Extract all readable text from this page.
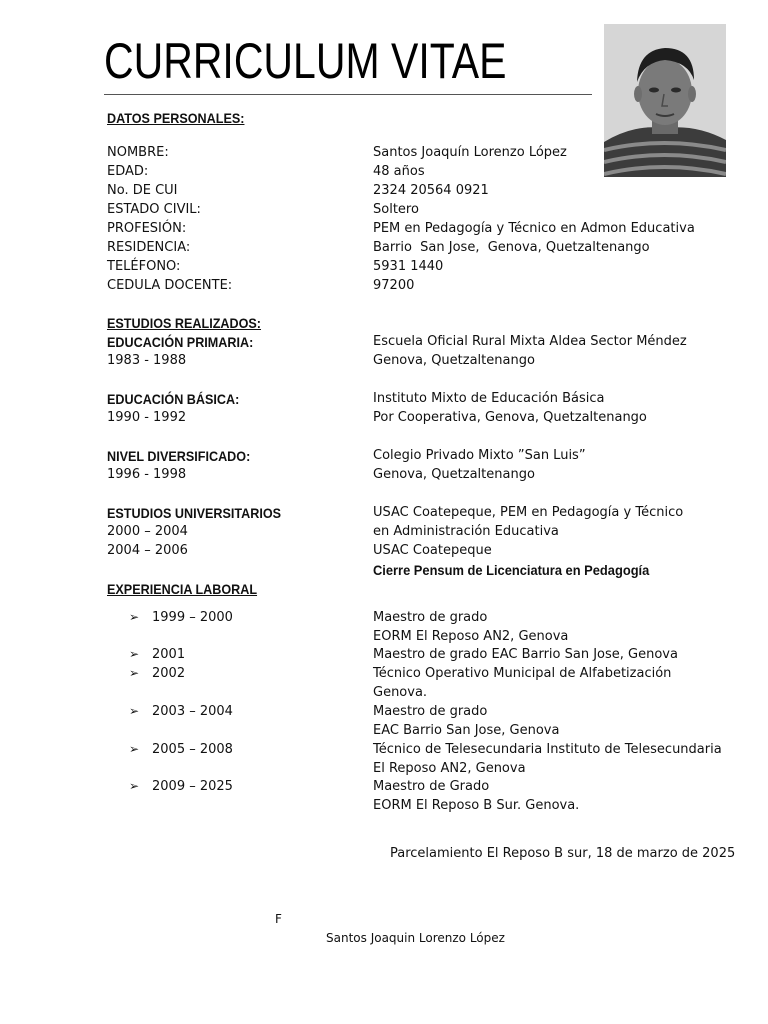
CURRICULUM VITAE
DATOS PERSONALES:
NOMBRE:	Santos Joaquín Lorenzo López
EDAD:	48 años
No. DE CUI	2324 20564 0921
ESTADO CIVIL:	Soltero
PROFESIÓN:	PEM en Pedagogía y Técnico en Admon Educativa
RESIDENCIA:	Barrio  San Jose,  Genova, Quetzaltenango
TELÉFONO:	5931 1440
CEDULA DOCENTE:	97200
ESTUDIOS REALIZADOS:
EDUCACIÓN PRIMARIA:	Escuela Oficial Rural Mixta Aldea Sector Méndez
1983 - 1988	Genova, Quetzaltenango
EDUCACIÓN BÁSICA:	Instituto Mixto de Educación Básica
1990 - 1992	Por Cooperativa, Genova, Quetzaltenango
NIVEL DIVERSIFICADO:	Colegio Privado Mixto ”San Luis”
1996 - 1998	Genova, Quetzaltenango
ESTUDIOS UNIVERSITARIOS	USAC Coatepeque, PEM en Pedagogía y Técnico
2000 – 2004	en Administración Educativa
2004 – 2006	USAC Coatepeque
Cierre Pensum de Licenciatura en Pedagogía
EXPERIENCIA LABORAL
➢ 1999 – 2000	Maestro de grado
EORM El Reposo AN2, Genova
➢ 2001	Maestro de grado EAC Barrio San Jose, Genova
➢ 2002	Técnico Operativo Municipal de Alfabetización
Genova.
➢ 2003 – 2004	Maestro de grado
EAC Barrio San Jose, Genova
➢ 2005 – 2008	Técnico de Telesecundaria Instituto de Telesecundaria
El Reposo AN2, Genova
➢ 2009 – 2025	Maestro de Grado
EORM El Reposo B Sur. Genova.
Parcelamiento El Reposo B sur, 18 de marzo de 2025
F______________________________________
Santos Joaquin Lorenzo López
